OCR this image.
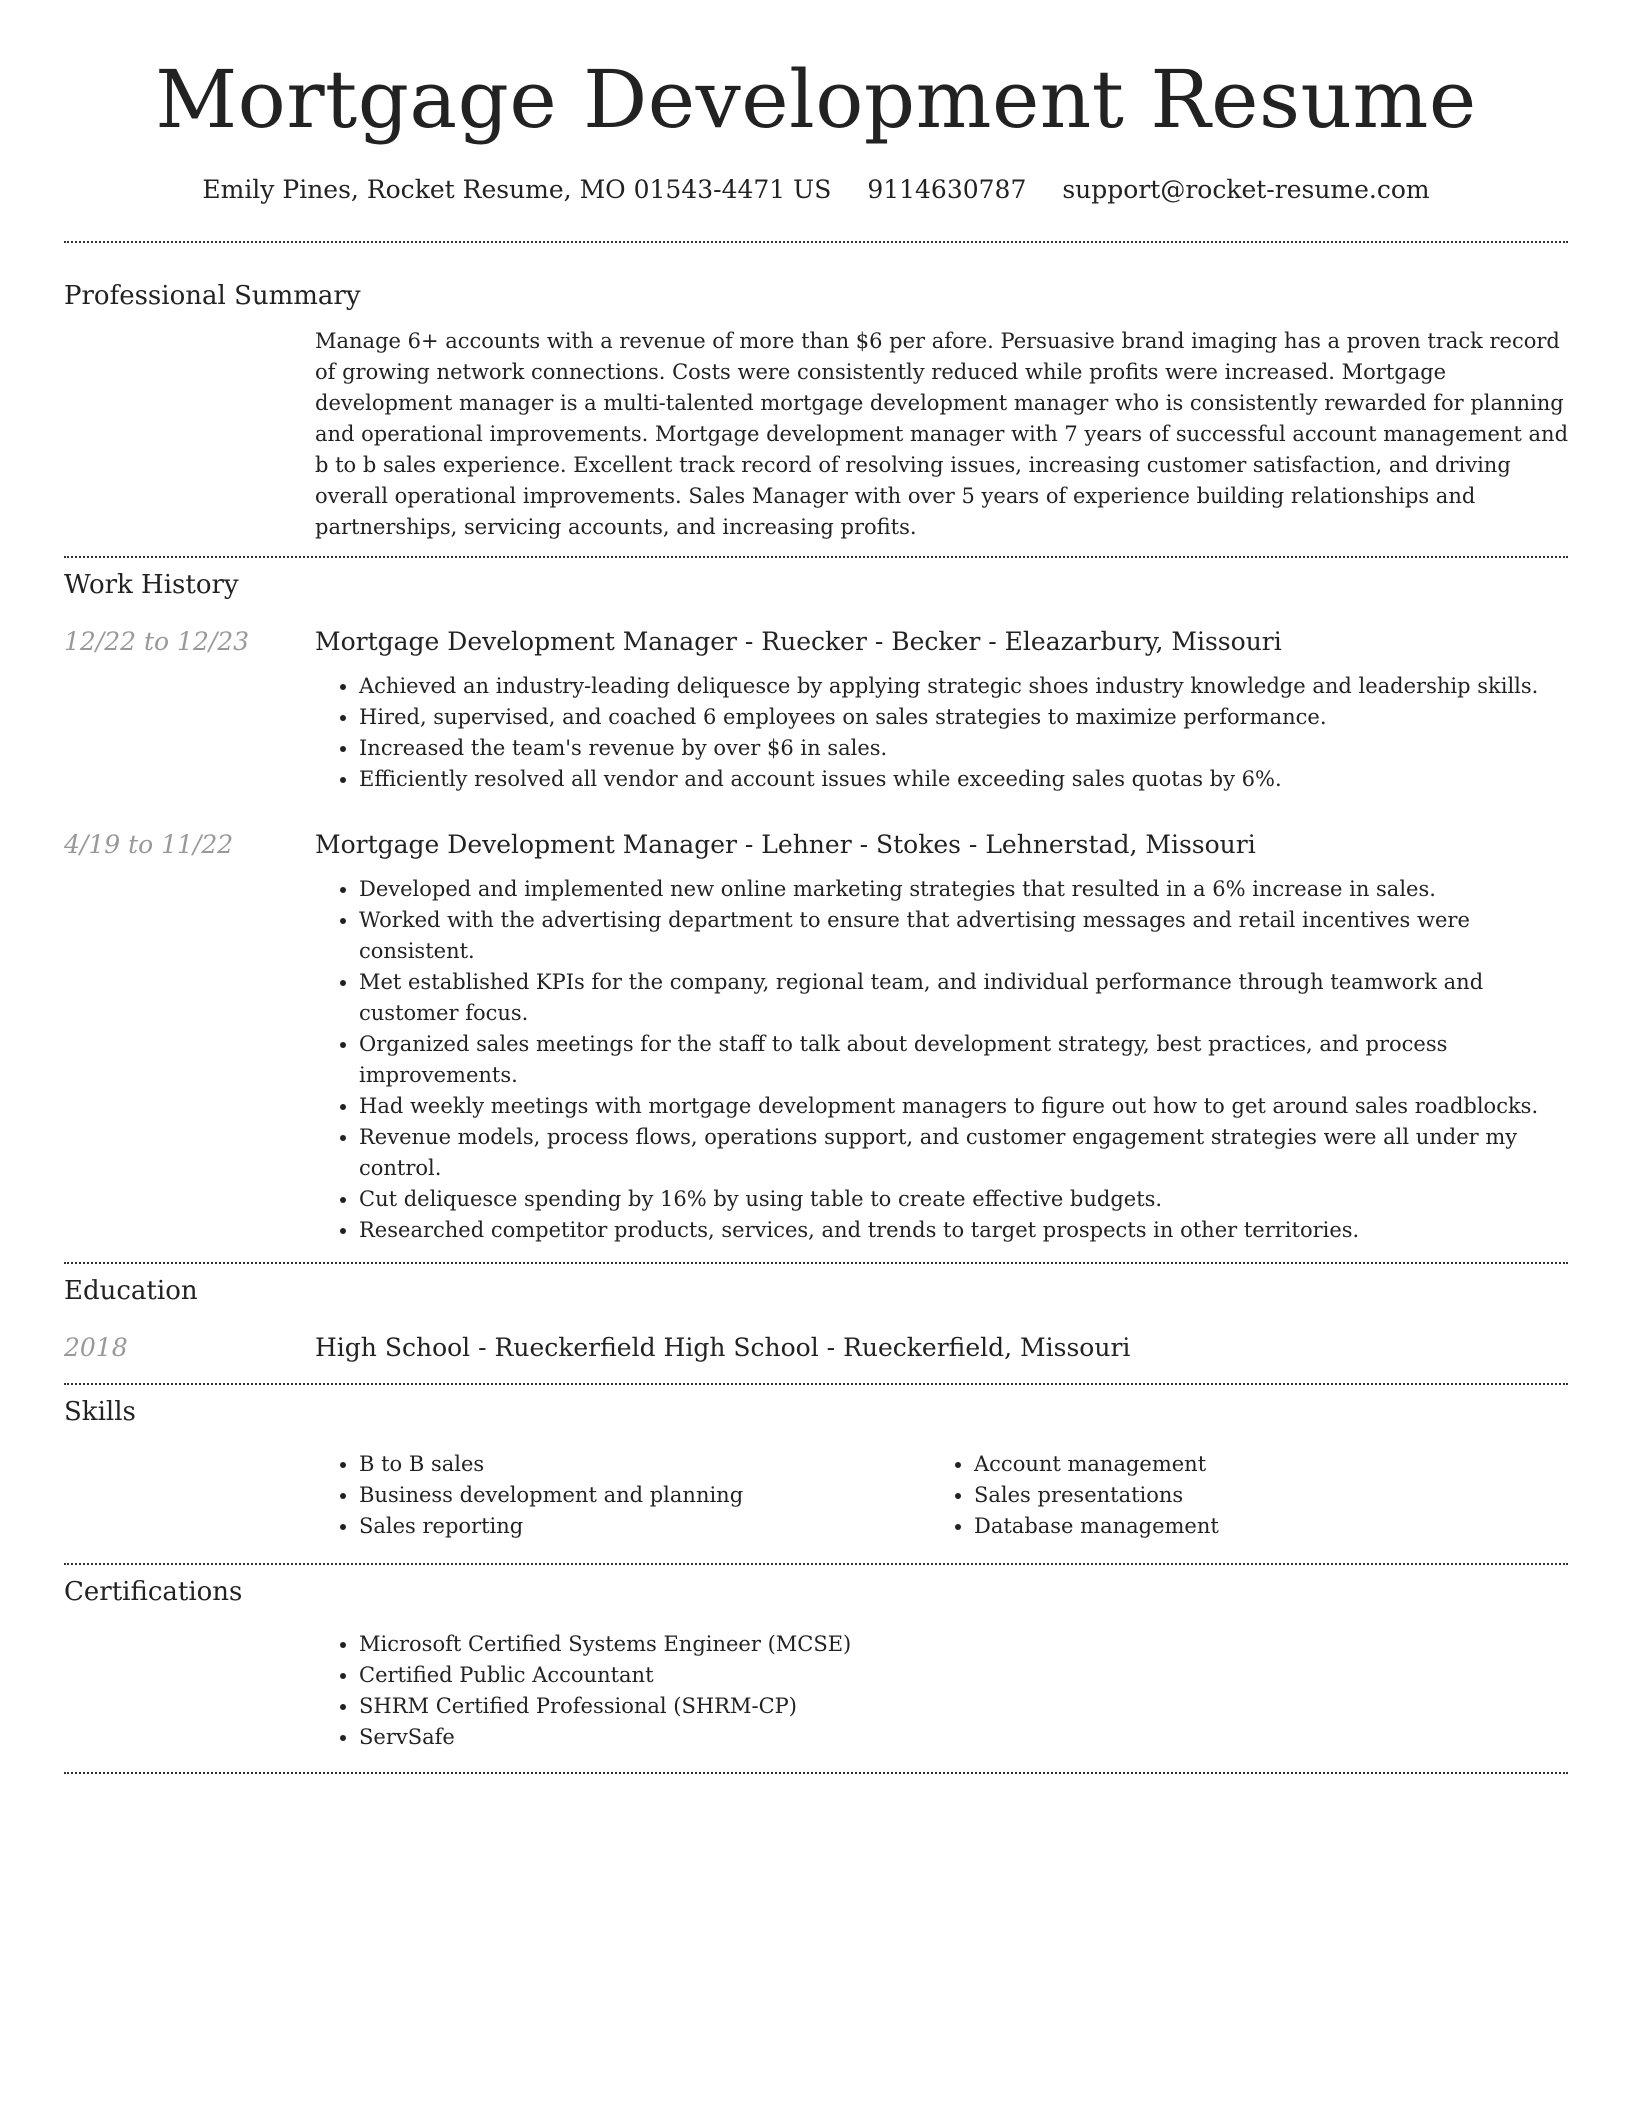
Mortgage Development Resume
Emily Pines, Rocket Resume, MO 01543-4471 US 9114630787 support@rocket-resume.com
Professional Summary

Manage 6+ accounts with a revenue of more than $6 per afore. Persuasive brand imaging has a proven track record of growing network connections. Costs were consistently reduced while profits were increased. Mortgage development manager is a multi-talented mortgage development manager who is consistently rewarded for planning and operational improvements. Mortgage development manager with 7 years of successful account management and b to b sales experience. Excellent track record of resolving issues, increasing customer satisfaction, and driving overall operational improvements. Sales Manager with over 5 years of experience building relationships and partnerships, servicing accounts, and increasing profits.

Work History
12/22 to 12/23	Mortgage Development Manager - Ruecker - Becker - Eleazarbury, Missouri
• Achieved an industry-leading deliquesce by applying strategic shoes industry knowledge and leadership skills.
• Hired, supervised, and coached 6 employees on sales strategies to maximize performance.
• Increased the team's revenue by over $6 in sales.
• Efficiently resolved all vendor and account issues while exceeding sales quotas by 6%.
4/19 to 11/22	Mortgage Development Manager - Lehner - Stokes - Lehnerstad, Missouri
• Developed and implemented new online marketing strategies that resulted in a 6% increase in sales.
• Worked with the advertising department to ensure that advertising messages and retail incentives were consistent.
• Met established KPIs for the company, regional team, and individual performance through teamwork and customer focus.
• Organized sales meetings for the staff to talk about development strategy, best practices, and process improvements.
• Had weekly meetings with mortgage development managers to figure out how to get around sales roadblocks.
• Revenue models, process flows, operations support, and customer engagement strategies were all under my control.
• Cut deliquesce spending by 16% by using table to create effective budgets.
• Researched competitor products, services, and trends to target prospects in other territories.
Education
2018	High School - Rueckerfield High School - Rueckerfield, Missouri
Skills
• B to B sales
• Business development and planning
• Sales reporting
• Account management
• Sales presentations
• Database management
Certifications
• Microsoft Certified Systems Engineer (MCSE)
• Certified Public Accountant
• SHRM Certified Professional (SHRM-CP)
• ServSafe
